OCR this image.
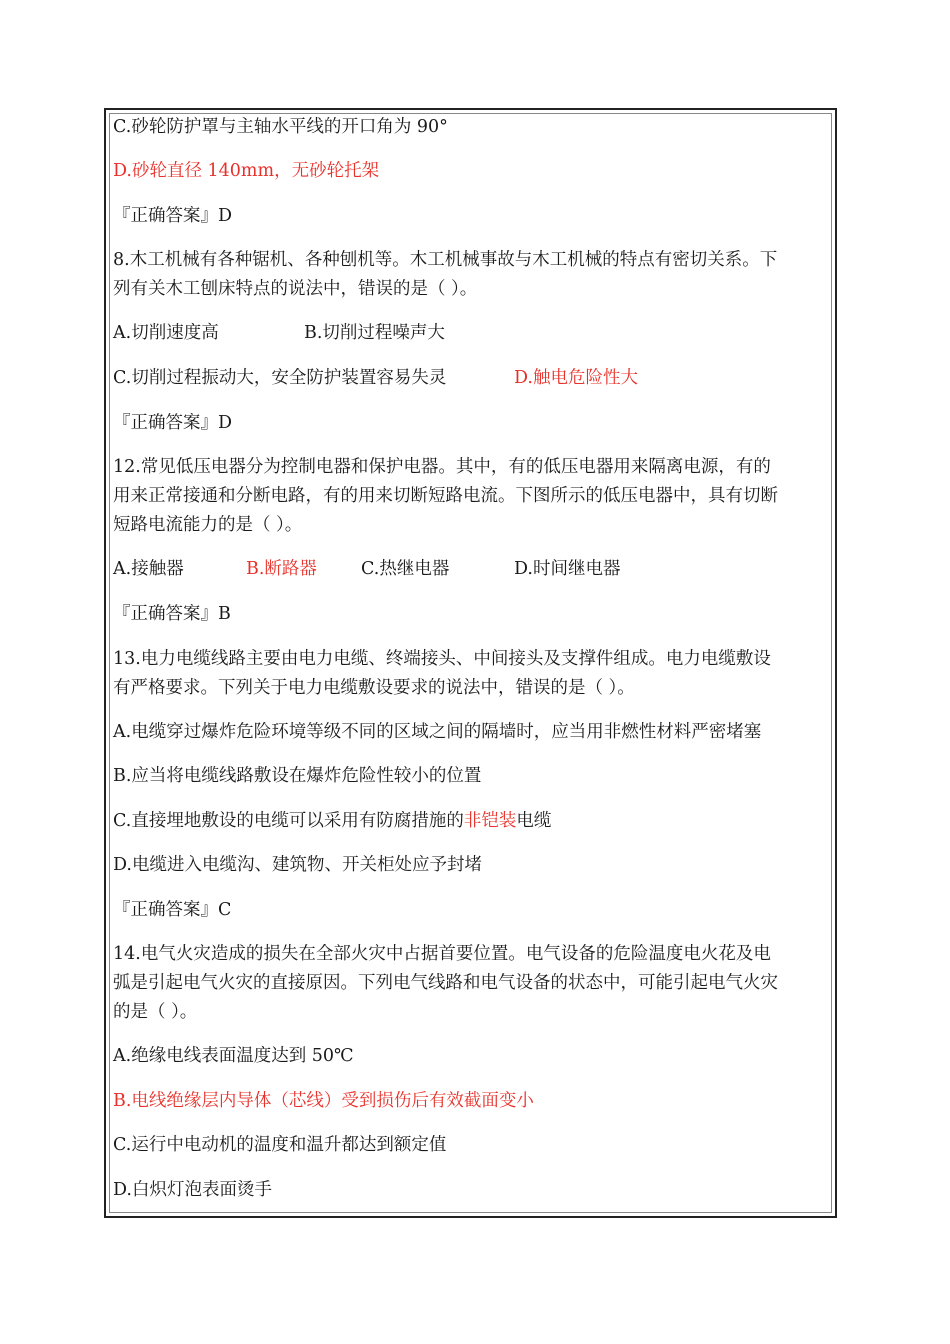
C.砂轮防护罩与主轴水平线的开口角为 90°
D.砂轮直径 140mm，无砂轮托架
『正确答案』D
8.木工机械有各种锯机、各种刨机等。木工机械事故与木工机械的特点有密切关系。下
列有关木工刨床特点的说法中，错误的是（ ）。
A.切削速度高	B.切削过程噪声大
C.切削过程振动大，安全防护装置容易失灵	D.触电危险性大
『正确答案』D
12.常见低压电器分为控制电器和保护电器。其中，有的低压电器用来隔离电源，有的
用来正常接通和分断电路，有的用来切断短路电流。下图所示的低压电器中，具有切断
短路电流能力的是（ ）。
A.接触器	B.断路器	C.热继电器	D.时间继电器
『正确答案』B
13.电力电缆线路主要由电力电缆、终端接头、中间接头及支撑件组成。电力电缆敷设
有严格要求。下列关于电力电缆敷设要求的说法中，错误的是（ ）。
A.电缆穿过爆炸危险环境等级不同的区域之间的隔墙时，应当用非燃性材料严密堵塞
B.应当将电缆线路敷设在爆炸危险性较小的位置
C.直接埋地敷设的电缆可以采用有防腐措施的非铠装电缆
D.电缆进入电缆沟、建筑物、开关柜处应予封堵
『正确答案』C
14.电气火灾造成的损失在全部火灾中占据首要位置。电气设备的危险温度电火花及电
弧是引起电气火灾的直接原因。下列电气线路和电气设备的状态中，可能引起电气火灾
的是（ ）。
A.绝缘电线表面温度达到 50℃
B.电线绝缘层内导体（芯线）受到损伤后有效截面变小
C.运行中电动机的温度和温升都达到额定值
D.白炽灯泡表面烫手
